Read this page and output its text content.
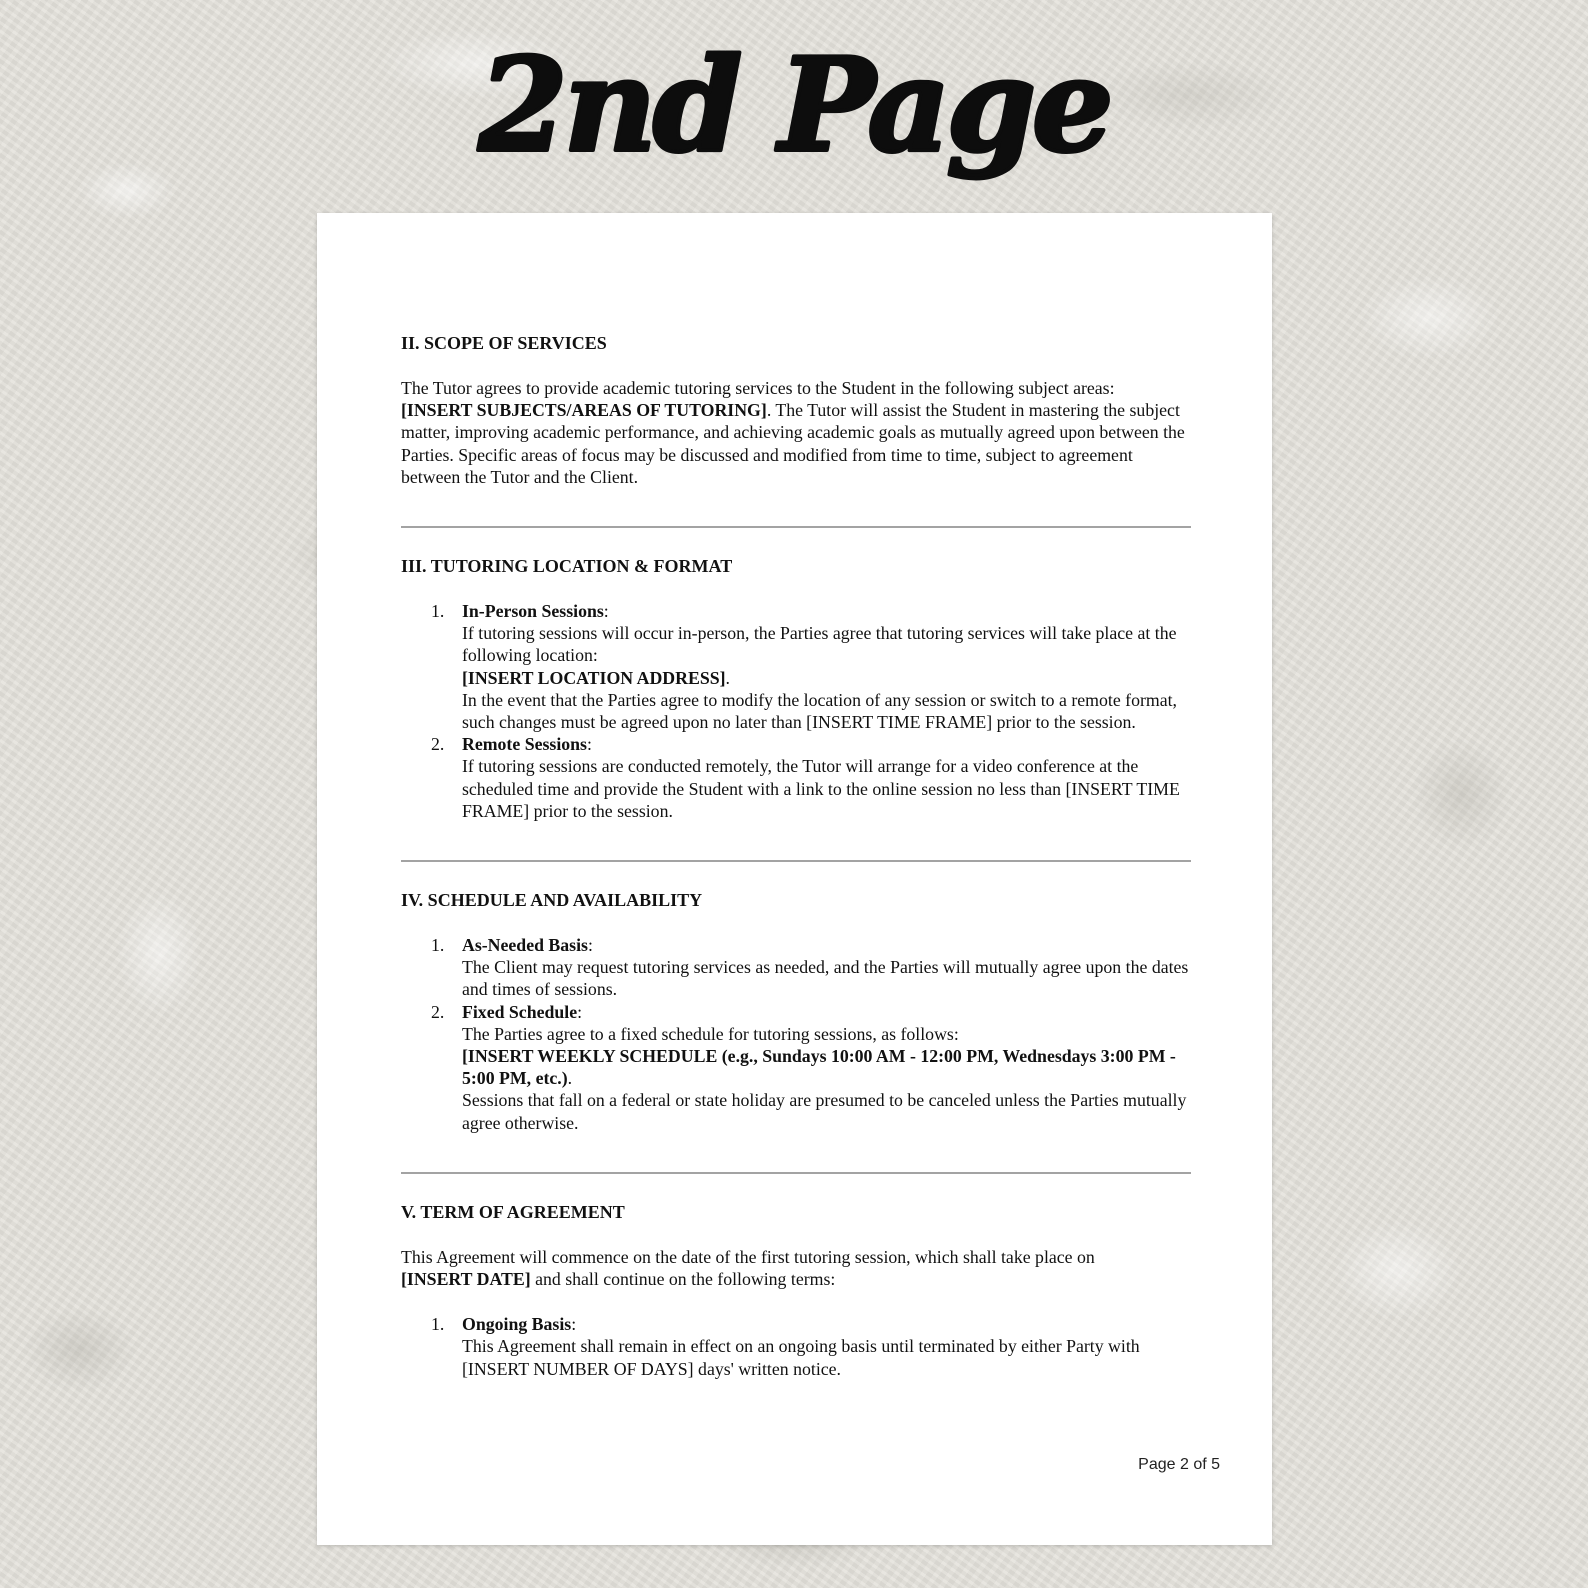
2nd Page
II. SCOPE OF SERVICES

The Tutor agrees to provide academic tutoring services to the Student in the following subject areas:
[INSERT SUBJECTS/AREAS OF TUTORING]. The Tutor will assist the Student in mastering the subject matter, improving academic performance, and achieving academic goals as mutually agreed upon between the Parties. Specific areas of focus may be discussed and modified from time to time, subject to agreement between the Tutor and the Client.

III. TUTORING LOCATION & FORMAT
1. In-Person Sessions:
If tutoring sessions will occur in-person, the Parties agree that tutoring services will take place at the following location:
[INSERT LOCATION ADDRESS].
In the event that the Parties agree to modify the location of any session or switch to a remote format, such changes must be agreed upon no later than [INSERT TIME FRAME] prior to the session.
2. Remote Sessions:
If tutoring sessions are conducted remotely, the Tutor will arrange for a video conference at the scheduled time and provide the Student with a link to the online session no less than [INSERT TIME FRAME] prior to the session.
IV. SCHEDULE AND AVAILABILITY
1. As-Needed Basis:
The Client may request tutoring services as needed, and the Parties will mutually agree upon the dates and times of sessions.
2. Fixed Schedule:
The Parties agree to a fixed schedule for tutoring sessions, as follows:
[INSERT WEEKLY SCHEDULE (e.g., Sundays 10:00 AM - 12:00 PM, Wednesdays 3:00 PM - 5:00 PM, etc.).
Sessions that fall on a federal or state holiday are presumed to be canceled unless the Parties mutually agree otherwise.
V. TERM OF AGREEMENT

This Agreement will commence on the date of the first tutoring session, which shall take place on
[INSERT DATE] and shall continue on the following terms:

1. Ongoing Basis:
This Agreement shall remain in effect on an ongoing basis until terminated by either Party with [INSERT NUMBER OF DAYS] days' written notice.
Page 2 of 5
